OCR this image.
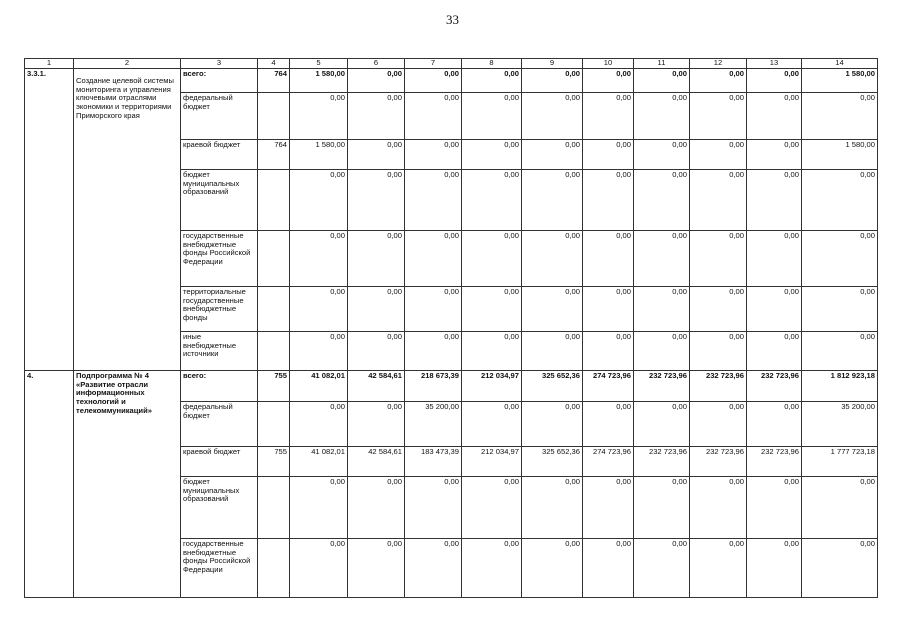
33
1	2	3	4	5	6	7	8	9	10	11	12	13	14
3.3.1.	Создание целевой системы мониторинга и управления ключевыми отраслями экономики и территориями Приморского края	всего:	764	1 580,00	0,00	0,00	0,00	0,00	0,00	0,00	0,00	0,00	1 580,00
		федеральный бюджет		0,00	0,00	0,00	0,00	0,00	0,00	0,00	0,00	0,00	0,00
		краевой бюджет	764	1 580,00	0,00	0,00	0,00	0,00	0,00	0,00	0,00	0,00	1 580,00
		бюджет муниципальных образований		0,00	0,00	0,00	0,00	0,00	0,00	0,00	0,00	0,00	0,00
		государственные внебюджетные фонды Российской Федерации		0,00	0,00	0,00	0,00	0,00	0,00	0,00	0,00	0,00	0,00
		территориальные государственные внебюджетные фонды		0,00	0,00	0,00	0,00	0,00	0,00	0,00	0,00	0,00	0,00
		иные внебюджетные источники		0,00	0,00	0,00	0,00	0,00	0,00	0,00	0,00	0,00	0,00
4.	Подпрограмма № 4 «Развитие отрасли информационных технологий и телекоммуникаций»	всего:	755	41 082,01	42 584,61	218 673,39	212 034,97	325 652,36	274 723,96	232 723,96	232 723,96	232 723,96	1 812 923,18
		федеральный бюджет		0,00	0,00	35 200,00	0,00	0,00	0,00	0,00	0,00	0,00	35 200,00
		краевой бюджет	755	41 082,01	42 584,61	183 473,39	212 034,97	325 652,36	274 723,96	232 723,96	232 723,96	232 723,96	1 777 723,18
		бюджет муниципальных образований		0,00	0,00	0,00	0,00	0,00	0,00	0,00	0,00	0,00	0,00
		государственные внебюджетные фонды Российской Федерации		0,00	0,00	0,00	0,00	0,00	0,00	0,00	0,00	0,00	0,00
